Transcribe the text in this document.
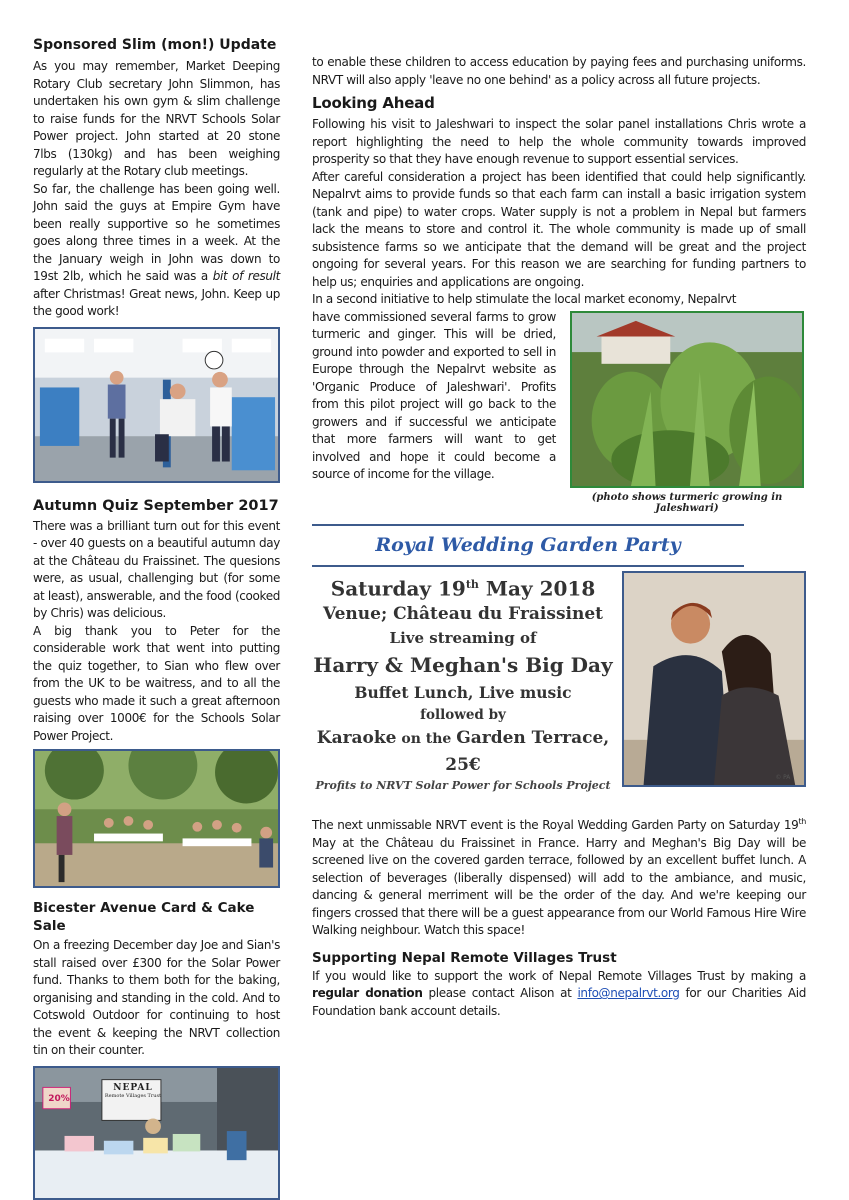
Sponsored Slim (mon!) Update

As you may remember, Market Deeping Rotary Club secretary John Slimmon, has undertaken his own gym & slim challenge to raise funds for the NRVT Schools Solar Power project. John started at 20 stone 7lbs (130kg) and has been weighing regularly at the Rotary club meetings.

So far, the challenge has been going well. John said the guys at Empire Gym have been really supportive so he sometimes goes along three times in a week. At the the January weigh in John was down to 19st 2lb, which he said was a bit of result after Christmas! Great news, John. Keep up the good work!

Autumn Quiz September 2017

There was a brilliant turn out for this event - over 40 guests on a beautiful autumn day at the Château du Fraissinet. The quesions were, as usual, challenging but (for some at least), answerable, and the food (cooked by Chris) was delicious.

A big thank you to Peter for the considerable work that went into putting the quiz together, to Sian who flew over from the UK to be waitress, and to all the guests who made it such a great afternoon raising over 1000€ for the Schools Solar Power Project.

Bicester Avenue Card & Cake Sale

On a freezing December day Joe and Sian's stall raised over £300 for the Solar Power fund. Thanks to them both for the baking, organising and standing in the cold. And to Cotswold Outdoor for continuing to host the event & keeping the NRVT collection tin on their counter.

NEPAL
Remote Villages Trust
20%

to enable these children to access education by paying fees and purchasing uniforms. NRVT will also apply 'leave no one behind' as a policy across all future projects.

Looking Ahead

Following his visit to Jaleshwari to inspect the solar panel installations Chris wrote a report highlighting the need to help the whole community towards improved prosperity so that they have enough revenue to support essential services.

After careful consideration a project has been identified that could help significantly. Nepalrvt aims to provide funds so that each farm can install a basic irrigation system (tank and pipe) to water crops. Water supply is not a problem in Nepal but farmers lack the means to store and control it. The whole community is made up of small subsistence farms so we anticipate that the demand will be great and the project ongoing for several years. For this reason we are searching for funding partners to help us; enquiries and applications are ongoing.

In a second initiative to help stimulate the local market economy, Nepalrvt

have commissioned several farms to grow turmeric and ginger. This will be dried, ground into powder and exported to sell in Europe through the Nepalrvt website as 'Organic Produce of Jaleshwari'. Profits from this pilot project will go back to the growers and if successful we anticipate that more farmers will want to get involved and hope it could become a source of income for the village.

(photo shows turmeric growing in Jaleshwari)
Royal Wedding Garden Party
Saturday 19th May 2018
Venue; Château du Fraissinet
Live streaming of
Harry & Meghan's Big Day
Buffet Lunch, Live music
followed by
Karaoke on the Garden Terrace,
25€
Profits to NRVT Solar Power for Schools Project
© PA

The next unmissable NRVT event is the Royal Wedding Garden Party on Saturday 19th May at the Château du Fraissinet in France. Harry and Meghan's Big Day will be screened live on the covered garden terrace, followed by an excellent buffet lunch. A selection of beverages (liberally dispensed) will add to the ambiance, and music, dancing & general merriment will be the order of the day. And we're keeping our fingers crossed that there will be a guest appearance from our World Famous Hire Wire Walking neighbour. Watch this space!

Supporting Nepal Remote Villages Trust

If you would like to support the work of Nepal Remote Villages Trust by making a regular donation please contact Alison at info@nepalrvt.org for our Charities Aid Foundation bank account details.
